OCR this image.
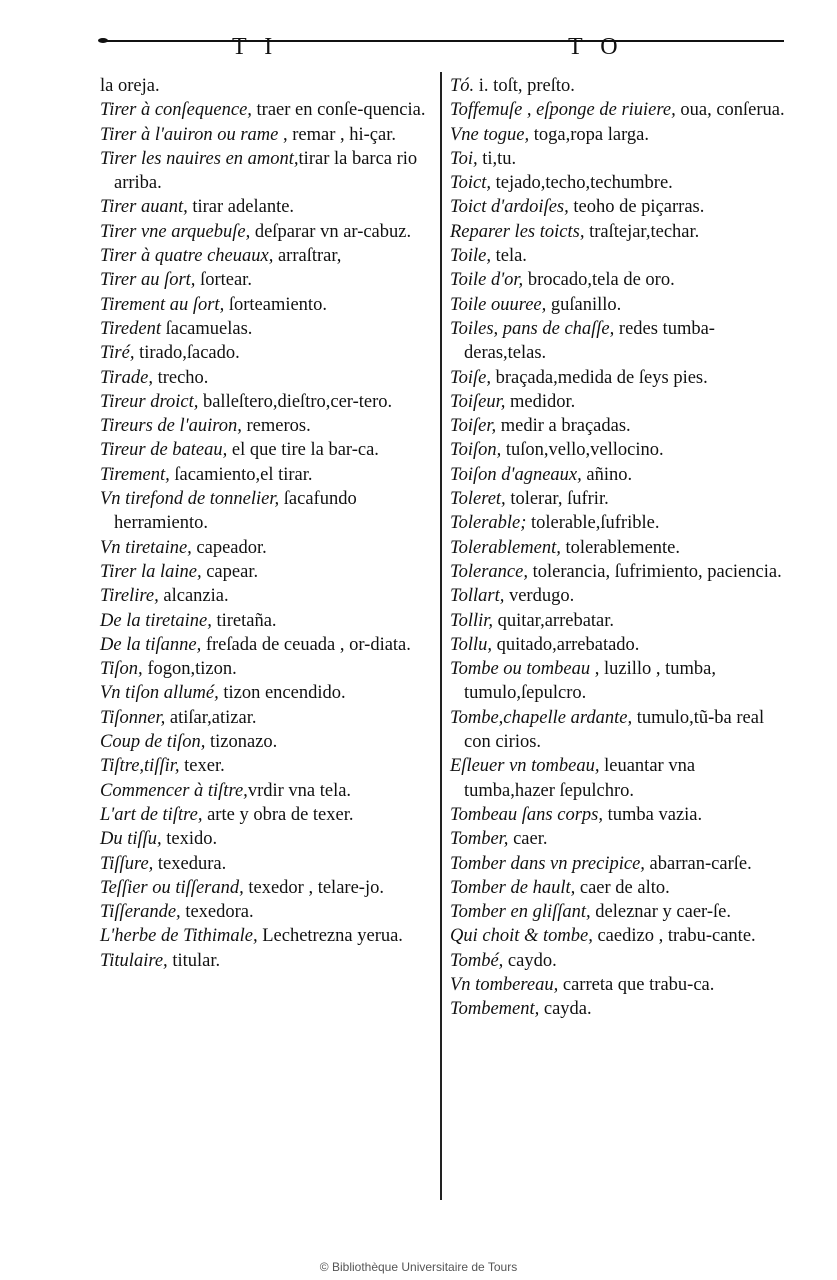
T I	T O

la oreja.

Tirer à conſequence, traer en conſe-quencia.

Tirer à l'auiron ou rame , remar , hi-çar.

Tirer les nauires en amont,tirar la barca rio arriba.

Tirer auant, tirar adelante.

Tirer vne arquebuſe, deſparar vn ar-cabuz.

Tirer à quatre cheuaux, arraſtrar,

Tirer au ſort, ſortear.

Tirement au ſort, ſorteamiento.

Tiredent ſacamuelas.

Tiré, tirado,ſacado.

Tirade, trecho.

Tireur droict, balleſtero,dieſtro,cer-tero.

Tireurs de l'auiron, remeros.

Tireur de bateau, el que tire la bar-ca.

Tirement, ſacamiento,el tirar.

Vn tirefond de tonnelier, ſacafundo herramiento.

Vn tiretaine, capeador.

Tirer la laine, capear.

Tirelire, alcanzia.

De la tiretaine, tiretaña.

De la tiſanne, freſada de ceuada , or-diata.

Tiſon, fogon,tizon.

Vn tiſon allumé, tizon encendido.

Tiſonner, atiſar,atizar.

Coup de tiſon, tizonazo.

Tiſtre,tiſſir, texer.

Commencer à tiſtre,vrdir vna tela.

L'art de tiſtre, arte y obra de texer.

Du tiſſu, texido.

Tiſſure, texedura.

Teſſier ou tiſſerand, texedor , telare-jo.

Tiſſerande, texedora.

L'herbe de Tithimale, Lechetrezna yerua.

Titulaire, titular.

Tó. i. toſt, preſto.

Toffemuſe , eſponge de riuiere, oua, conſerua.

Vne togue, toga,ropa larga.

Toi, ti,tu.

Toict, tejado,techo,techumbre.

Toict d'ardoiſes, teoho de piçarras.

Reparer les toicts, traſtejar,techar.

Toile, tela.

Toile d'or, brocado,tela de oro.

Toile ouuree, guſanillo.

Toiles, pans de chaſſe, redes tumba-deras,telas.

Toiſe, braçada,medida de ſeys pies.

Toiſeur, medidor.

Toiſer, medir a braçadas.

Toiſon, tuſon,vello,vellocino.

Toiſon d'agneaux, añino.

Toleret, tolerar, ſufrir.

Tolerable; tolerable,ſufrible.

Tolerablement, tolerablemente.

Tolerance, tolerancia, ſufrimiento, paciencia.

Tollart, verdugo.

Tollir, quitar,arrebatar.

Tollu, quitado,arrebatado.

Tombe ou tombeau , luzillo , tumba, tumulo,ſepulcro.

Tombe,chapelle ardante, tumulo,tũ-ba real con cirios.

Eſleuer vn tombeau, leuantar vna tumba,hazer ſepulchro.

Tombeau ſans corps, tumba vazia.

Tomber, caer.

Tomber dans vn precipice, abarran-carſe.

Tomber de hault, caer de alto.

Tomber en gliſſant, deleznar y caer-ſe.

Qui choit & tombe, caedizo , trabu-cante.

Tombé, caydo.

Vn tombereau, carreta que trabu-ca.

Tombement, cayda.

© Bibliothèque Universitaire de Tours
